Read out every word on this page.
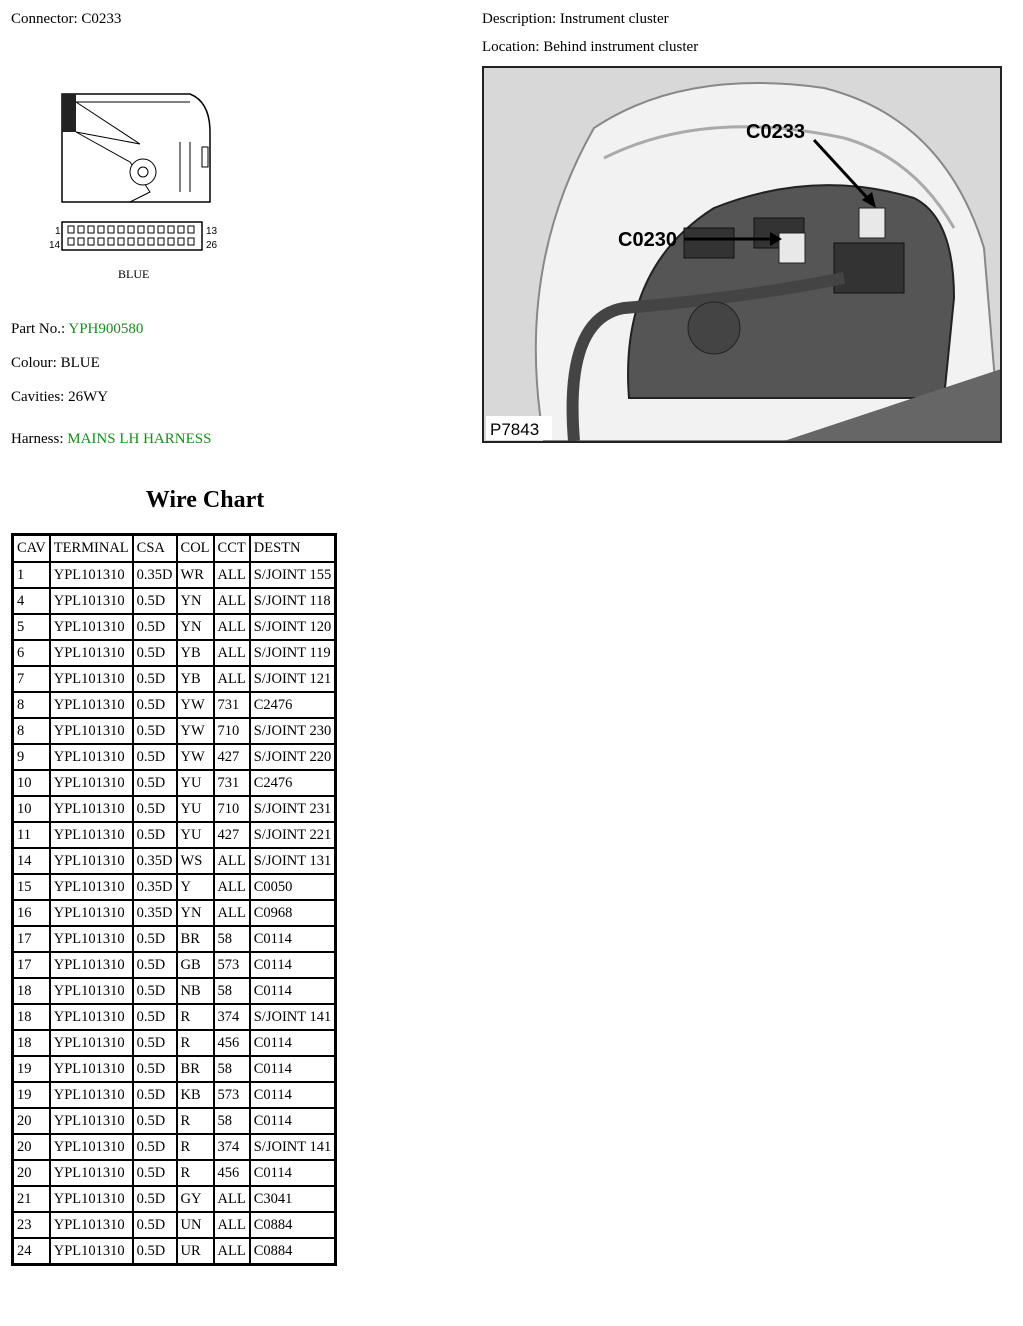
Connector: C0233	Description: Instrument cluster
Location: Behind instrument cluster
1
14
13
26
BLUE
C0233
C0230
P7843
Part No.: YPH900580
Colour: BLUE
Cavities: 26WY
Harness: MAINS LH HARNESS
Wire Chart
CAV	TERMINAL	CSA	COL	CCT	DESTN
1	YPL101310	0.35D	WR	ALL	S/JOINT 155
4	YPL101310	0.5D	YN	ALL	S/JOINT 118
5	YPL101310	0.5D	YN	ALL	S/JOINT 120
6	YPL101310	0.5D	YB	ALL	S/JOINT 119
7	YPL101310	0.5D	YB	ALL	S/JOINT 121
8	YPL101310	0.5D	YW	731	C2476
8	YPL101310	0.5D	YW	710	S/JOINT 230
9	YPL101310	0.5D	YW	427	S/JOINT 220
10	YPL101310	0.5D	YU	731	C2476
10	YPL101310	0.5D	YU	710	S/JOINT 231
11	YPL101310	0.5D	YU	427	S/JOINT 221
14	YPL101310	0.35D	WS	ALL	S/JOINT 131
15	YPL101310	0.35D	Y	ALL	C0050
16	YPL101310	0.35D	YN	ALL	C0968
17	YPL101310	0.5D	BR	58	C0114
17	YPL101310	0.5D	GB	573	C0114
18	YPL101310	0.5D	NB	58	C0114
18	YPL101310	0.5D	R	374	S/JOINT 141
18	YPL101310	0.5D	R	456	C0114
19	YPL101310	0.5D	BR	58	C0114
19	YPL101310	0.5D	KB	573	C0114
20	YPL101310	0.5D	R	58	C0114
20	YPL101310	0.5D	R	374	S/JOINT 141
20	YPL101310	0.5D	R	456	C0114
21	YPL101310	0.5D	GY	ALL	C3041
23	YPL101310	0.5D	UN	ALL	C0884
24	YPL101310	0.5D	UR	ALL	C0884
